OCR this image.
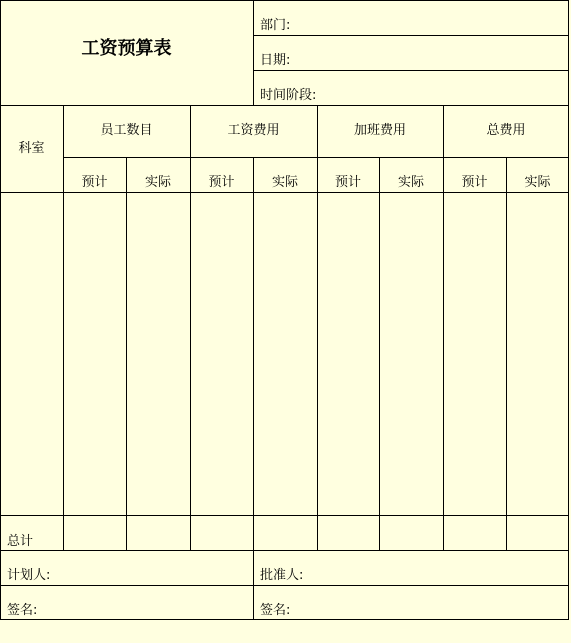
工资预算表
部门:
日期:
时间阶段:
科室
员工数目	工资费用	加班费用	总费用
预计	实际	预计	实际	预计	实际	预计	实际
总计
计划人:	批准人:
签名:	签名:
